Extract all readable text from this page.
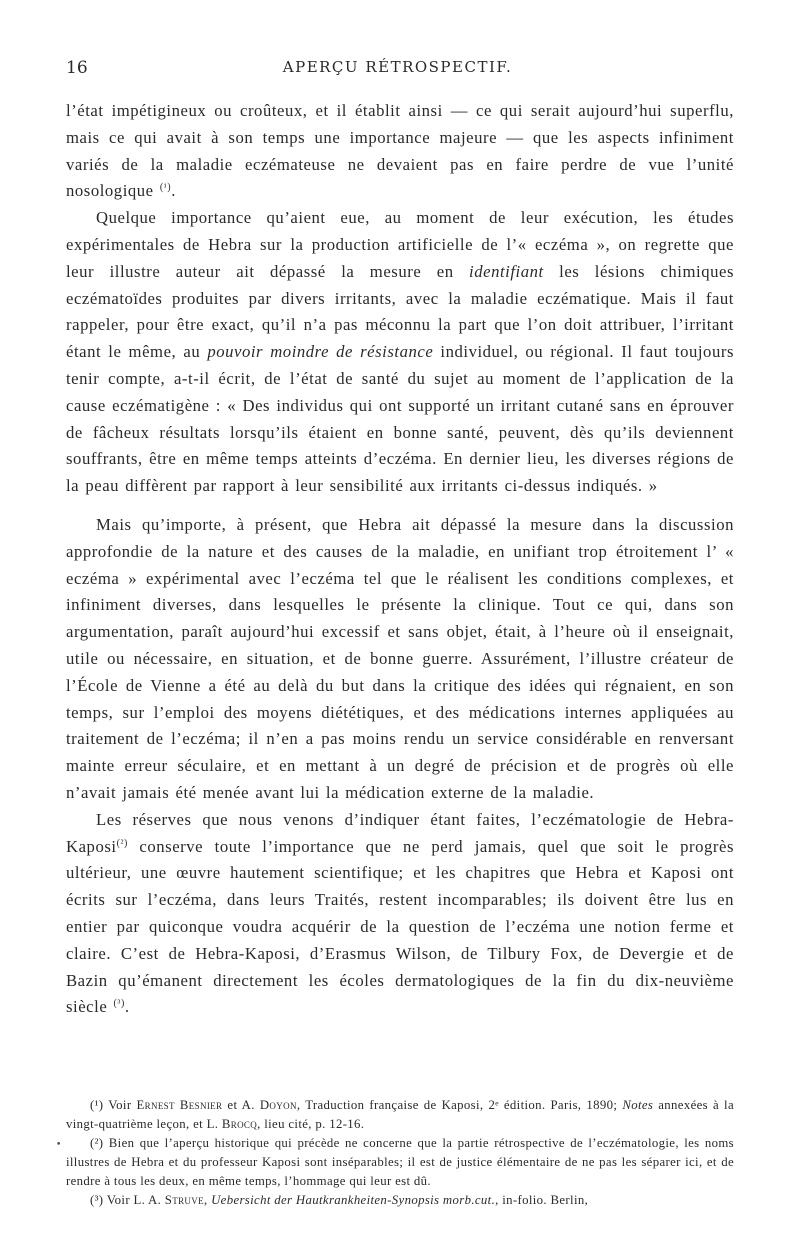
16	APERÇU RÉTROSPECTIF.

l’état impétigineux ou croûteux, et il établit ainsi — ce qui serait aujourd’hui superflu, mais ce qui avait à son temps une importance majeure — que les aspects infiniment variés de la maladie eczémateuse ne devaient pas en faire perdre de vue l’unité nosologique $^{(^1)}$.

Quelque importance qu’aient eue, au moment de leur exécution, les études expérimentales de Hebra sur la production artificielle de l’« eczéma », on regrette que leur illustre auteur ait dépassé la mesure en identifiant les lésions chimiques eczématoïdes produites par divers irritants, avec la maladie eczématique. Mais il faut rappeler, pour être exact, qu’il n’a pas méconnu la part que l’on doit attribuer, l’irritant étant le même, au pouvoir moindre de résistance individuel, ou régional. Il faut toujours tenir compte, a-t-il écrit, de l’état de santé du sujet au moment de l’application de la cause eczématigène : « Des individus qui ont supporté un irritant cutané sans en éprouver de fâcheux résultats lorsqu’ils étaient en bonne santé, peuvent, dès qu’ils deviennent souffrants, être en même temps atteints d’eczéma. En dernier lieu, les diverses régions de la peau diffèrent par rapport à leur sensibilité aux irritants ci-dessus indiqués. »

Mais qu’importe, à présent, que Hebra ait dépassé la mesure dans la discussion approfondie de la nature et des causes de la maladie, en unifiant trop étroitement l’ « eczéma » expérimental avec l’eczéma tel que le réalisent les conditions complexes, et infiniment diverses, dans lesquelles le présente la clinique. Tout ce qui, dans son argumentation, paraît aujourd’hui excessif et sans objet, était, à l’heure où il enseignait, utile ou nécessaire, en situation, et de bonne guerre. Assurément, l’illustre créateur de l’École de Vienne a été au delà du but dans la critique des idées qui régnaient, en son temps, sur l’emploi des moyens diététiques, et des médications internes appliquées au traitement de l’eczéma; il n’en a pas moins rendu un service considérable en renversant mainte erreur séculaire, et en mettant à un degré de précision et de progrès où elle n’avait jamais été menée avant lui la médication externe de la maladie.

Les réserves que nous venons d’indiquer étant faites, l’eczématologie de Hebra-Kaposi$^{(^2)}$ conserve toute l’importance que ne perd jamais, quel que soit le progrès ultérieur, une œuvre hautement scientifique; et les chapitres que Hebra et Kaposi ont écrits sur l’eczéma, dans leurs Traités, restent incomparables; ils doivent être lus en entier par quiconque voudra acquérir de la question de l’eczéma une notion ferme et claire. C’est de Hebra-Kaposi, d’Erasmus Wilson, de Tilbury Fox, de Devergie et de Bazin qu’émanent directement les écoles dermatologiques de la fin du dix-neuvième siècle $^{(^3)}$.

(¹) Voir Ernest Besnier et A. Doyon, Traduction française de Kaposi, 2ᵉ édition. Paris, 1890; Notes annexées à la vingt-quatrième leçon, et L. Brocq, lieu cité, p. 12-16.

(²) Bien que l’aperçu historique qui précède ne concerne que la partie rétrospective de l’eczématologie, les noms illustres de Hebra et du professeur Kaposi sont inséparables; il est de justice élémentaire de ne pas les séparer ici, et de rendre à tous les deux, en même temps, l’hommage qui leur est dû.

(³) Voir L. A. Struve, Uebersicht der Hautkrankheiten-Synopsis morb.cut., in-folio. Berlin,

•
